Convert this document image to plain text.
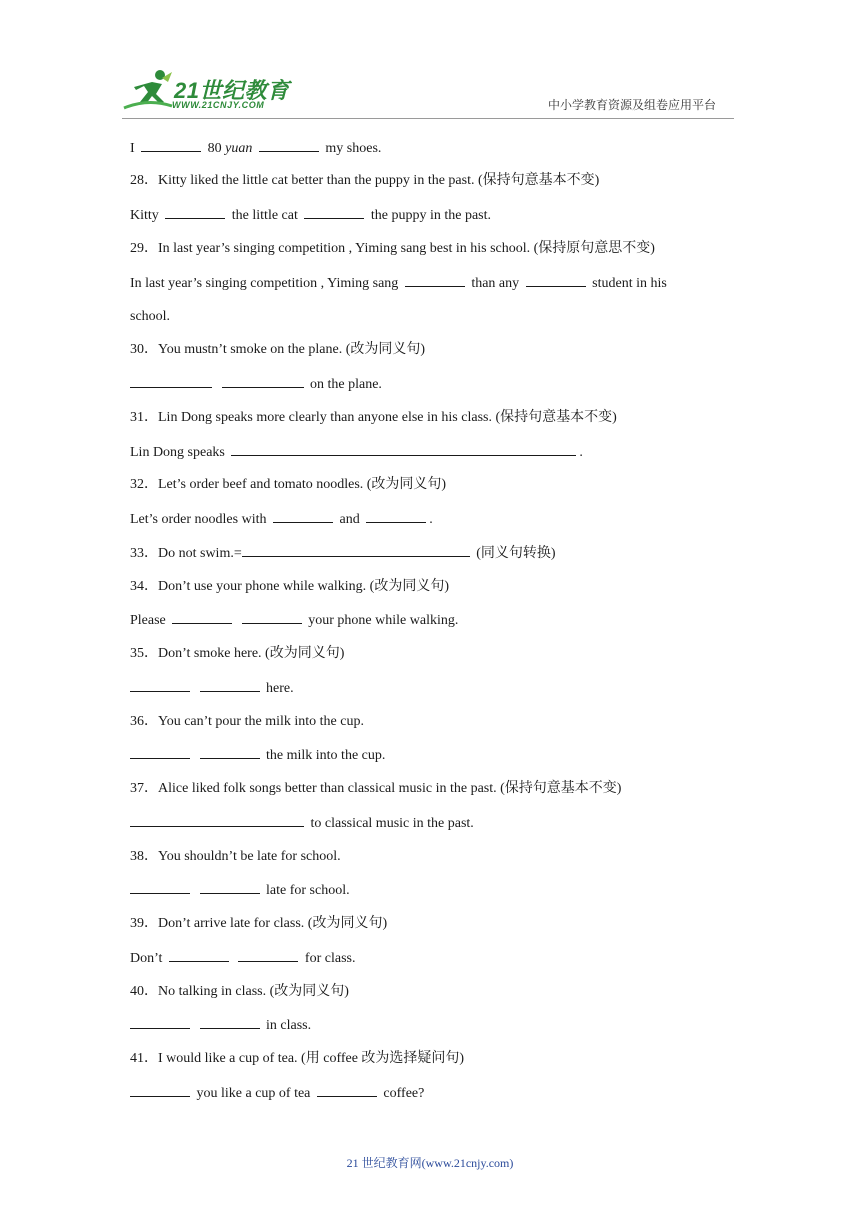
21世纪教育
WWW.21CNJY.COM	中小学教育资源及组卷应用平台
I	80 yuan	my shoes.
28．Kitty liked the little cat better than the puppy in the past. (保持句意基本不变)
Kitty	the little cat	the puppy in the past.
29．In last year’s singing competition , Yiming sang best in his school. (保持原句意思不变)
In last year’s singing competition , Yiming sang	than any	student in his
school.
30．You mustn’t smoke on the plane. (改为同义句)
on the plane.
31．Lin Dong speaks more clearly than anyone else in his class. (保持句意基本不变)
Lin Dong speaks	.
32．Let’s order beef and tomato noodles. (改为同义句)
Let’s order noodles with	and	.
33．Do not swim.=	(同义句转换)
34．Don’t use your phone while walking. (改为同义句)
Please	your phone while walking.
35．Don’t smoke here. (改为同义句)
here.
36．You can’t pour the milk into the cup.
the milk into the cup.
37．Alice liked folk songs better than classical music in the past. (保持句意基本不变)
to classical music in the past.
38．You shouldn’t be late for school.
late for school.
39．Don’t arrive late for class. (改为同义句)
Don’t	for class.
40．No talking in class. (改为同义句)
in class.
41．I would like a cup of tea. (用 coffee 改为选择疑问句)
you like a cup of tea	coffee?
21 世纪教育网(www.21cnjy.com)
